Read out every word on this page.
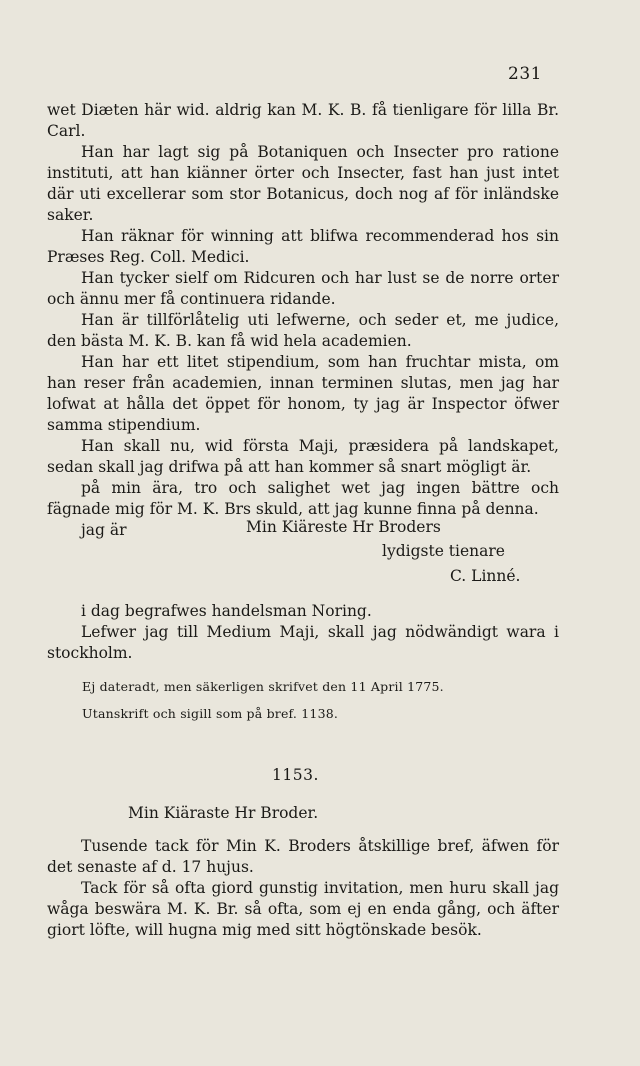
231

wet Diæten här wid. aldrig kan M. K. B. få tienligare för lilla Br. Carl.

Han har lagt sig på Botaniquen och Insecter pro ratione instituti, att han kiänner örter och Insecter, fast han just intet där uti excellerar som stor Botanicus, doch nog af för inländske saker.

Han räknar för winning att blifwa recommenderad hos sin Præses Reg. Coll. Medici.

Han tycker sielf om Ridcuren och har lust se de norre orter och ännu mer få continuera ridande.

Han är tillförlåtelig uti lefwerne, och seder et, me judice, den bästa M. K. B. kan få wid hela academien.

Han har ett litet stipendium, som han fruchtar mista, om han reser från academien, innan terminen slutas, men jag har lofwat at hålla det öppet för honom, ty jag är Inspector öfwer samma stipendium.

Han skall nu, wid första Maji, præsidera på landskapet, sedan skall jag drifwa på att han kommer så snart mögligt är.

på min ära, tro och salighet wet jag ingen bättre och fägnade mig för M. K. Brs skuld, att jag kunne finna på denna.

jag är	Min Kiäreste Hr Broders
lydigste tienare
C. Linné.

i dag begrafwes handelsman Noring.

Lefwer jag till Medium Maji, skall jag nödwändigt wara i stockholm.

Ej dateradt, men säkerligen skrifvet den 11 April 1775.
Utanskrift och sigill som på bref. 1138.
1153.
Min Kiäraste Hr Broder.

Tusende tack för Min K. Broders åtskillige bref, äfwen för det senaste af d. 17 hujus.

Tack för så ofta giord gunstig invitation, men huru skall jag wåga beswära M. K. Br. så ofta, som ej en enda gång, och äfter giort löfte, will hugna mig med sitt högtönskade besök.
